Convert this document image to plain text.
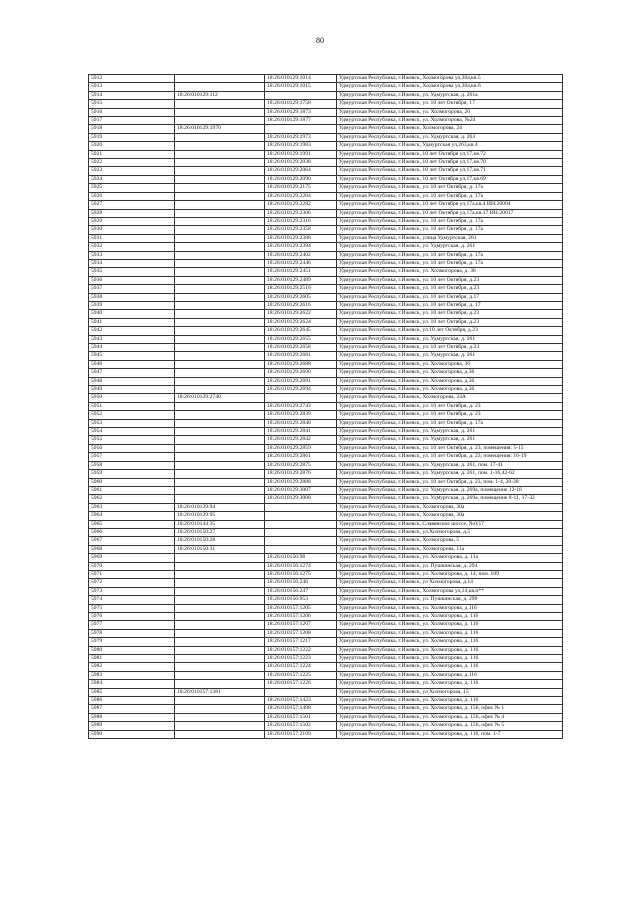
80
5912		18:26:010129:1014	Удмуртская Республика, г.Ижевск, Холмогорова ул,30а,кв.5
5913		18:26:010129:1015	Удмуртская Республика, г.Ижевск, Холмогорова ул,30а,кв.6
5914	18:26:010129:112		Удмуртская Республика, г.Ижевск, ул. Удмуртская, д. 261а
5915		18:26:010129:1758	Удмуртская Республика, г.Ижевск, ул. 10 лет Октября, 17
5916		18:26:010129:1873	Удмуртская Республика, г.Ижевск, ул. Холмогорова, 20
5917		18:26:010129:1877	Удмуртская Республика, г.Ижевск, ул. Холмогорова, №24
5918	18:26:010129:1970		Удмуртская Республика, г.Ижевск, Холмогорова, 24
5919		18:26:010129:1973	Удмуртская Республика, г.Ижевск, ул. Удмуртская, д. 263
5920		18:26:010129:1983	Удмуртская Республика, г.Ижевск, Удмуртская ул,263,кв.4
5921		18:26:010129:1991	Удмуртская Республика, г.Ижевск, 10 лет Октября ул,17,кв.72
5922		18:26:010129:2038	Удмуртская Республика, г.Ижевск, 10 лет Октября ул,17,кв.70
5923		18:26:010129:2064	Удмуртская Республика, г.Ижевск, 10 лет Октября ул,17,кв.71
5924		18:26:010129:2090	Удмуртская Республика, г.Ижевск, 10 лет Октября ул,17,кв.69
5925		18:26:010129:2175	Удмуртская Республика, г.Ижевск, ул. 10 лет Октября, д. 17а
5926		18:26:010129:2204	Удмуртская Республика, г.Ижевск, ул. 10 лет Октября, д. 17а
5927		18:26:010129:2282	Удмуртская Республика, г.Ижевск, 10 лет Октября ул,17а,кв.4 ИН:20004
5928		18:26:010129:2306	Удмуртская Республика, г.Ижевск, 10 лет Октября ул,17а,кв.17 ИН:20017
5929		18:26:010129:2316	Удмуртская Республика, г.Ижевск, ул. 10 лет Октября, д. 17а
5930		18:26:010129:2358	Удмуртская Республика, г.Ижевск, ул. 10 лет Октября, д. 17а
5931		18:26:010129:2388	Удмуртская Республика, г.Ижевск, улица Удмуртская, 261
5932		18:26:010129:2394	Удмуртская Республика, г.Ижевск, ул. Удмуртская, д. 261
5933		18:26:010129:2402	Удмуртская Республика, г.Ижевск, ул. 10 лет Октября, д. 17а
5934		18:26:010129:2446	Удмуртская Республика, г.Ижевск, ул. 10 лет Октября, д. 17а
5935		18:26:010129:2451	Удмуртская Республика, г.Ижевск, ул. Холмогорова, д. 36
5936		18:26:010129:2489	Удмуртская Республика, г.Ижевск, ул. 10 лет Октября, д.23
5937		18:26:010129:2516	Удмуртская Республика, г.Ижевск, ул. 10 лет Октября, д.23
5938		18:26:010129:2605	Удмуртская Республика, г.Ижевск, ул. 10 лет Октября, д.17
5939		18:26:010129:2616	Удмуртская Республика, г.Ижевск, ул. 10 лет Октября, д. 17
5940		18:26:010129:2622	Удмуртская Республика, г.Ижевск, ул. 10 лет Октября, д.23
5941		18:26:010129:2624	Удмуртская Республика, г.Ижевск, ул. 10 лет Октября, д.23
5942		18:26:010129:2645	Удмуртская Республика, г.Ижевск, ул.10 лет Октября, д.23
5943		18:26:010129:2655	Удмуртская Республика, г.Ижевск, ул. Удмуртская, д. 261
5944		18:26:010129:2658	Удмуртская Республика, г.Ижевск, ул. 10 лет Октября, д.23
5945		18:26:010129:2681	Удмуртская Республика, г.Ижевск, ул. Удмуртская, д. 261
5946		18:26:010129:2688	Удмуртская Республика, г.Ижевск, ул. Холмогорова, 36
5947		18:26:010129:2690	Удмуртская Республика, г.Ижевск, ул. Холмогорова, д.36
5948		18:26:010129:2691	Удмуртская Республика, г.Ижевск, ул. Холмогорова, д.36
5949		18:26:010129:2694	Удмуртская Республика, г.Ижевск, ул. Холмогорова, д.36
5950	18:26:010129:2740		Удмуртская Республика, г.Ижевск, Холмогорова, 24А
5951		18:26:010129:2743	Удмуртская Республика, г.Ижевск, ул. 10 лет Октября, д. 23
5952		18:26:010129:2839	Удмуртская Республика, г.Ижевск, ул. 10 лет Октября, д. 23
5953		18:26:010129:2840	Удмуртская Республика, г.Ижевск, ул. 10 лет Октября, д. 17а
5954		18:26:010129:2841	Удмуртская Республика, г.Ижевск, ул. Удмуртская, д. 261
5955		18:26:010129:2842	Удмуртская Республика, г.Ижевск, ул. Удмуртская, д. 261
5956		18:26:010129:2859	Удмуртская Республика, г.Ижевск, ул. 10 лет Октября, д. 23, помещения: 5-15
5957		18:26:010129:2861	Удмуртская Республика, г.Ижевск, ул. 10 лет Октября, д. 23, помещения: 16-19
5958		18:26:010129:2875	Удмуртская Республика, г.Ижевск, ул. Удмуртская, д. 261, пом. 17-41
5959		18:26:010129:2876	Удмуртская Республика, г.Ижевск, ул. Удмуртская, д. 261, пом. 1-16,42-62
5960		18:26:010129:2888	Удмуртская Республика, г.Ижевск, ул. 10 лет Октября, д. 23, пом. 1-4, 20-38
5961		18:26:010129:3007	Удмуртская Республика, г.Ижевск, ул. Удмуртская, д. 269а, помещение 12-16
5962		18:26:010129:3008	Удмуртская Республика, г.Ижевск, ул. Удмуртская, д. 269а, помещение 8-11, 17-32
5963	18:26:010129:94		Удмуртская Республика, г.Ижевск, Холмогорова, 30а
5964	18:26:010129:95		Удмуртская Республика, г.Ижевск, Холмогорова, 30а
5965	18:26:010144:35		Удмуртская Республика, г.Ижевск, Славянское шоссе, №0/17
5966	18:26:010150:27		Удмуртская Республика, г.Ижевск, ул.Холмогорова, д.5
5967	18:26:010150:28		Удмуртская Республика, г.Ижевск, Холмогорова, 5
5968	18:26:010150:31		Удмуртская Республика, г.Ижевск, Холмогорова, 11а
5969		18:26:010150:98	Удмуртская Республика, г.Ижевск, ул. Холмогорова, д. 11а
5970		18:26:010156:1274	Удмуртская Республика, г.Ижевск, ул. Пушкинская, д. 294
5971		18:26:010156:1275	Удмуртская Республика, г.Ижевск, ул. Холмогорова, д. 14, пом. 109
5972		18:26:010156:246	Удмуртская Республика, г.Ижевск, ул Холмогорова, д.14
5973		18:26:010156:247	Удмуртская Республика, г.Ижевск, Холмогорова ул,14,кв.п**
5974		18:26:010156:953	Удмуртская Республика, г.Ижевск, ул. Пушкинская, д. 290
5975		18:26:010157:1205	Удмуртская Республика, г.Ижевск, ул. Холмогорова, д.116
5976		18:26:010157:1206	Удмуртская Республика, г.Ижевск, ул. Холмогорова, д. 116
5977		18:26:010157:1207	Удмуртская Республика, г.Ижевск, ул. Холмогорова, д. 116
5978		18:26:010157:1208	Удмуртская Республика, г.Ижевск, ул. Холмогорова, д. 116
5979		18:26:010157:1217	Удмуртская Республика, г.Ижевск, ул. Холмогорова, д. 116
5980		18:26:010157:1222	Удмуртская Республика, г.Ижевск, ул. Холмогорова, д. 116
5981		18:26:010157:1223	Удмуртская Республика, г.Ижевск, ул. Холмогорова, д. 116
5982		18:26:010157:1224	Удмуртская Республика, г.Ижевск, ул. Холмогорова, д. 116
5983		18:26:010157:1225	Удмуртская Республика, г.Ижевск, ул. Холмогорова, д.116
5984		18:26:010157:1226	Удмуртская Республика, г.Ижевск, ул. Холмогорова, д. 116
5985	18:26:010157:1381		Удмуртская Республика, г.Ижевск, ул Холмогорова, 15
5986		18:26:010157:1423	Удмуртская Республика, г.Ижевск, ул. Холмогорова, д. 116
5987		18:26:010157:1498	Удмуртская Республика, г.Ижевск, ул. Холмогорова, д. 156, офис № 1
5988		18:26:010157:1501	Удмуртская Республика, г.Ижевск, ул. Холмогорова, д. 156, офис № 4
5989		18:26:010157:1502	Удмуртская Республика, г.Ижевск, ул. Холмогорова, д. 156, офис № 5
5990		18:26:010157:2109	Удмуртская Республика, г.Ижевск, ул. Холмогорова, д. 116, пом. 1-7
